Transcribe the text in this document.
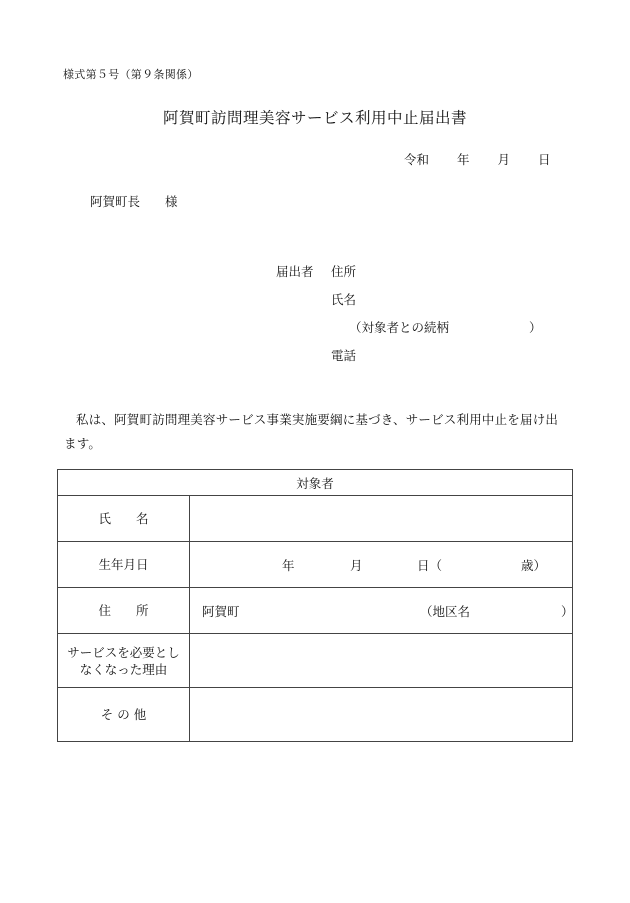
様式第５号（第９条関係）
阿賀町訪問理美容サービス利用中止届出書
令和 年 月 日
阿賀町長　　様
届出者 住所
氏名
（対象者との続柄	）
電話
私は、阿賀町訪問理美容サービス事業実施要綱に基づき、サービス利用中止を届け出ます。
対象者	
氏　　名	
生年月日	年 月 日（ 歳）

住　　所	阿賀町 （地区名 ）

サービスを必要としなくなった理由	
そ の 他	
